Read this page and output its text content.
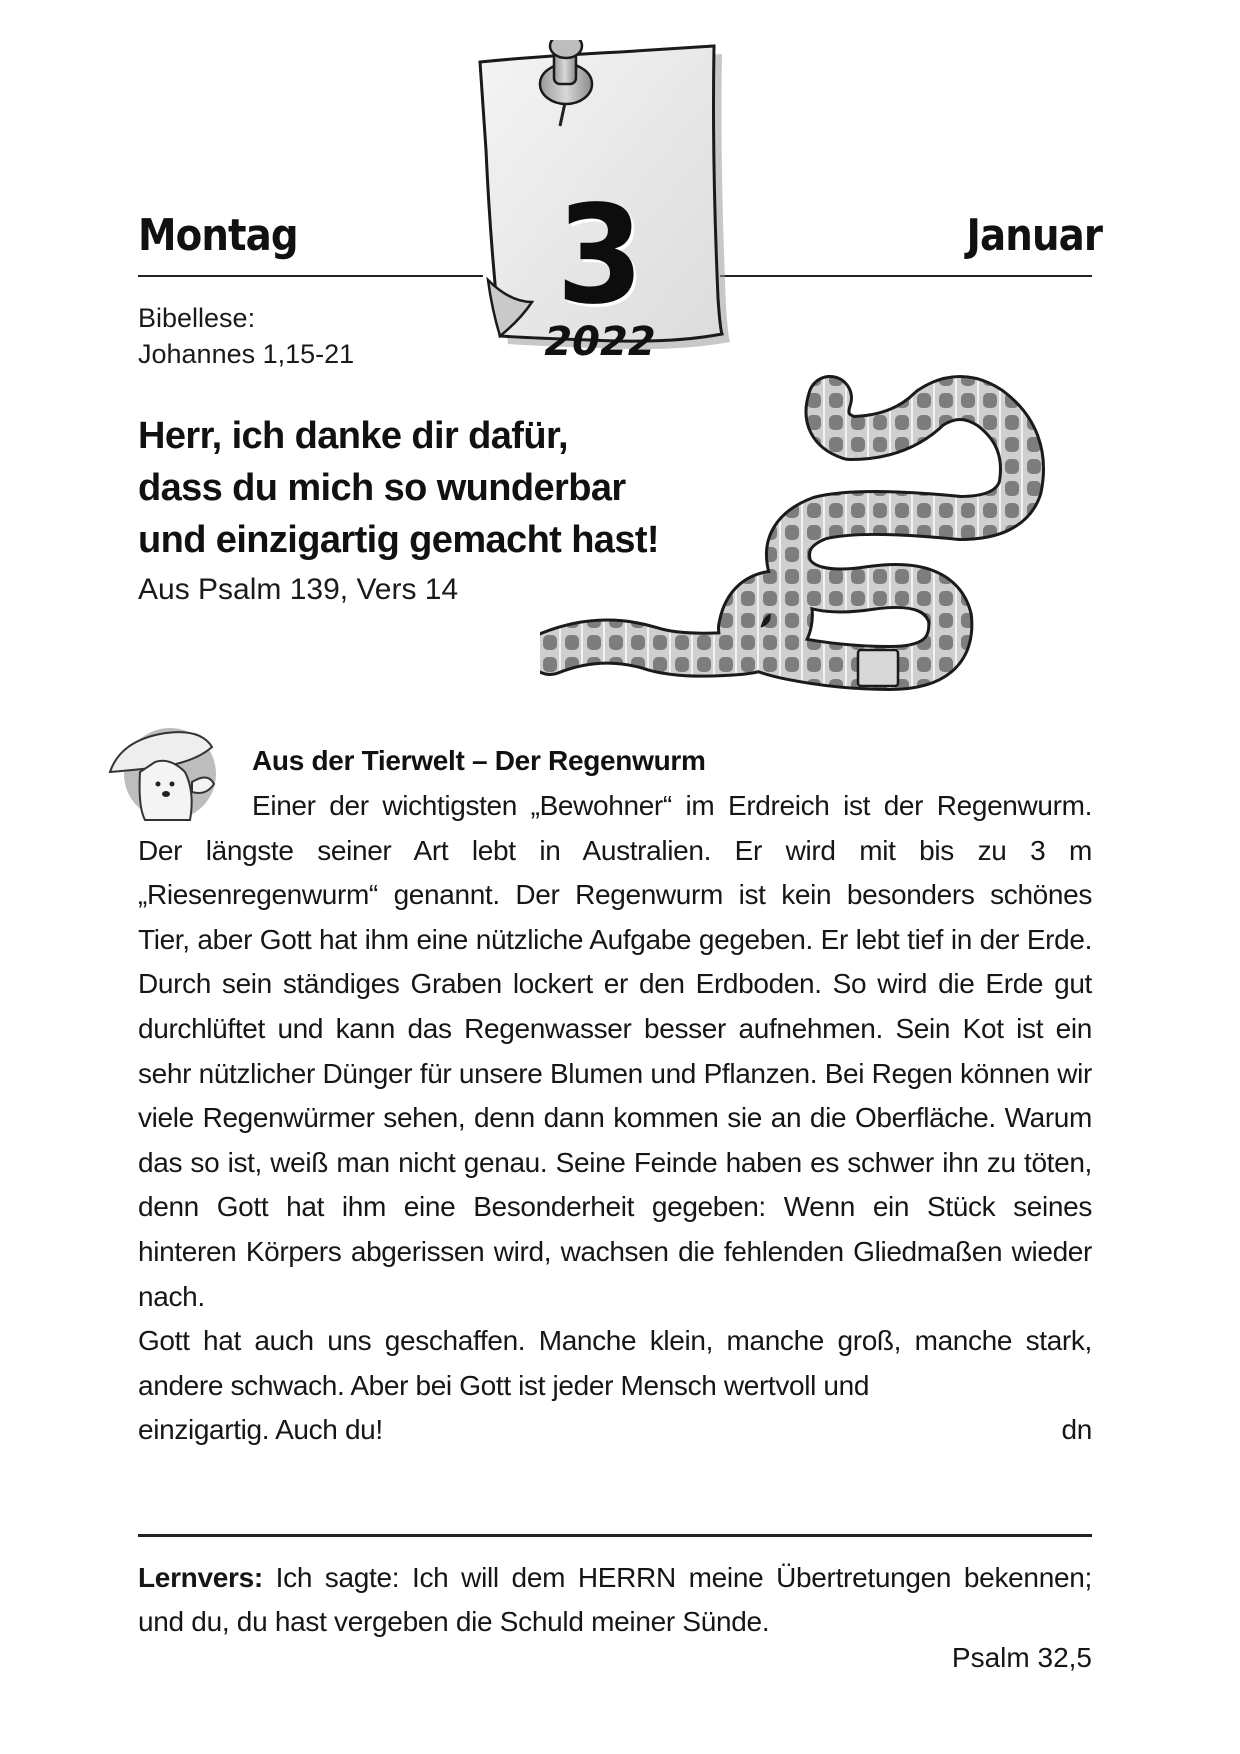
Montag	Januar
3
2022
Bibellese:
Johannes 1,15-21
Herr, ich danke dir dafür,
dass du mich so wunderbar
und einzigartig gemacht hast!
Aus Psalm 139, Vers 14
Aus der Tierwelt – Der Regenwurm

Einer der wichtigsten „Bewohner“ im Erdreich ist der Regenwurm. Der längste seiner Art lebt in Australien. Er wird mit bis zu 3 m „Riesenregenwurm“ genannt. Der Regenwurm ist kein besonders schönes Tier, aber Gott hat ihm eine nützliche Aufgabe gegeben. Er lebt tief in der Erde. Durch sein ständiges Graben lockert er den Erdboden. So wird die Erde gut durchlüftet und kann das Regenwasser besser aufnehmen. Sein Kot ist ein sehr nützlicher Dünger für unsere Blumen und Pflanzen. Bei Regen können wir viele Regenwürmer sehen, denn dann kommen sie an die Oberfläche. Warum das so ist, weiß man nicht genau. Seine Feinde haben es schwer ihn zu töten, denn Gott hat ihm eine Besonderheit gegeben: Wenn ein Stück seines hinteren Körpers abgerissen wird, wachsen die fehlenden Gliedmaßen wieder nach.

Gott hat auch uns geschaffen. Manche klein, manche groß, manche stark, andere schwach. Aber bei Gott ist jeder Mensch wertvoll und

einzigartig. Auch du!	dn
Lernvers: Ich sagte: Ich will dem HERRN meine Übertretungen bekennen; und du, du hast vergeben die Schuld meiner Sünde.
Psalm 32,5
